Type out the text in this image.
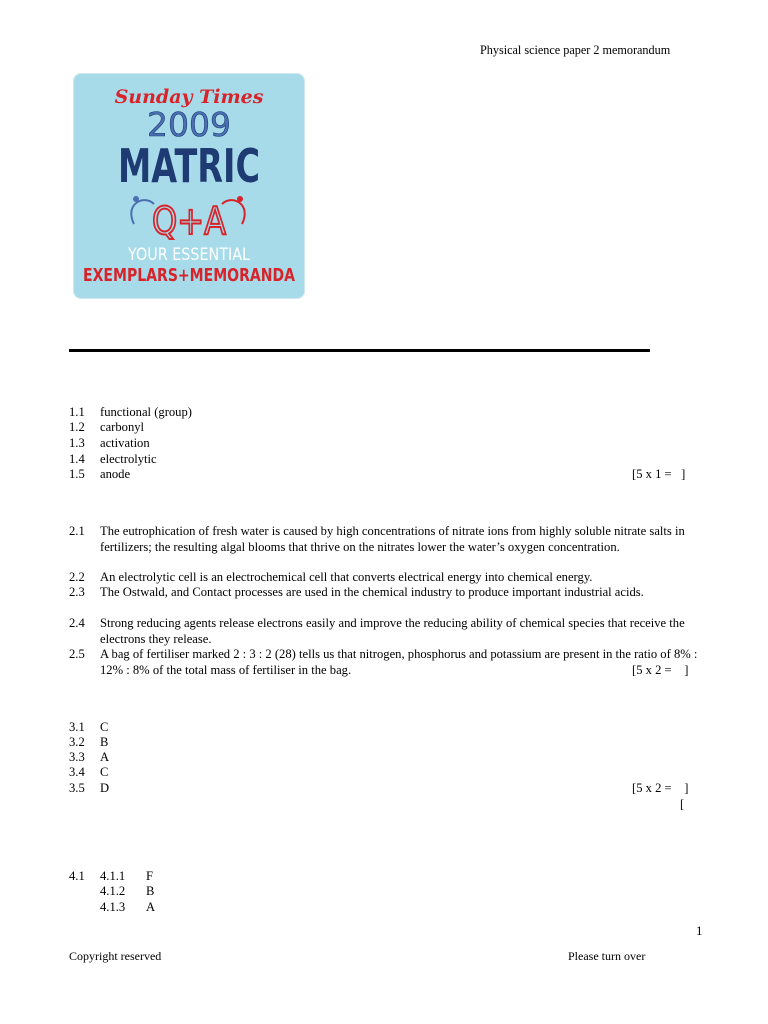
Physical science paper 2 memorandum
Sunday Times
2009
MATRIC
Q+A
YOUR ESSENTIAL
EXEMPLARS+MEMORANDA
1.1	functional (group)
1.2	carbonyl
1.3	activation
1.4	electrolytic
1.5	anode	[5 x 1 =   ]
2.1	The eutrophication of fresh water is caused by high concentrations of nitrate ions from highly soluble nitrate salts in fertilizers; the resulting algal blooms that thrive on the nitrates lower the water’s oxygen concentration.
2.2	An electrolytic cell is an electrochemical cell that converts electrical energy into chemical energy.
2.3	The Ostwald, and Contact processes are used in the chemical industry to produce important industrial acids.
2.4	Strong reducing agents release electrons easily and improve the reducing ability of chemical species that receive the electrons they release.
2.5	A bag of fertiliser marked 2 : 3 : 2 (28) tells us that nitrogen, phosphorus and potassium are present in the ratio of 8% : 12% : 8% of the total mass of fertiliser in the bag.	[5 x 2 =    ]
3.1	C
3.2	B
3.3	A
3.4	C
3.5	D	[5 x 2 =    ]
[
4.1	4.1.1 F
4.1.2 B
4.1.3 A
1
Copyright reserved	Please turn over
